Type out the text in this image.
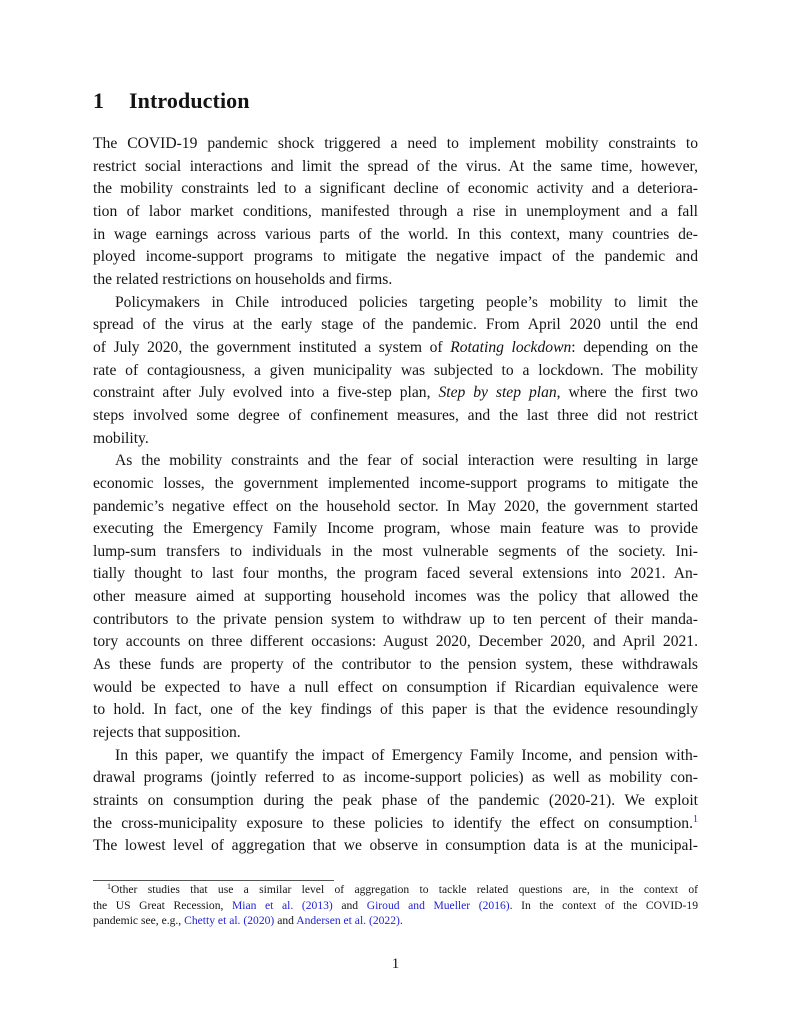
1 Introduction

The COVID-19 pandemic shock triggered a need to implement mobility constraints to
restrict social interactions and limit the spread of the virus. At the same time, however,
the mobility constraints led to a significant decline of economic activity and a deteriora-
tion of labor market conditions, manifested through a rise in unemployment and a fall
in wage earnings across various parts of the world. In this context, many countries de-
ployed income-support programs to mitigate the negative impact of the pandemic and
the related restrictions on households and firms.

Policymakers in Chile introduced policies targeting people’s mobility to limit the
spread of the virus at the early stage of the pandemic. From April 2020 until the end
of July 2020, the government instituted a system of Rotating lockdown: depending on the
rate of contagiousness, a given municipality was subjected to a lockdown. The mobility
constraint after July evolved into a five-step plan, Step by step plan, where the first two
steps involved some degree of confinement measures, and the last three did not restrict
mobility.

As the mobility constraints and the fear of social interaction were resulting in large
economic losses, the government implemented income-support programs to mitigate the
pandemic’s negative effect on the household sector. In May 2020, the government started
executing the Emergency Family Income program, whose main feature was to provide
lump-sum transfers to individuals in the most vulnerable segments of the society. Ini-
tially thought to last four months, the program faced several extensions into 2021. An-
other measure aimed at supporting household incomes was the policy that allowed the
contributors to the private pension system to withdraw up to ten percent of their manda-
tory accounts on three different occasions: August 2020, December 2020, and April 2021.
As these funds are property of the contributor to the pension system, these withdrawals
would be expected to have a null effect on consumption if Ricardian equivalence were
to hold. In fact, one of the key findings of this paper is that the evidence resoundingly
rejects that supposition.

In this paper, we quantify the impact of Emergency Family Income, and pension with-
drawal programs (jointly referred to as income-support policies) as well as mobility con-
straints on consumption during the peak phase of the pandemic (2020-21). We exploit
the cross-municipality exposure to these policies to identify the effect on consumption.$^1$
The lowest level of aggregation that we observe in consumption data is at the municipal-

$^1$Other studies that use a similar level of aggregation to tackle related questions are, in the context of
the US Great Recession, Mian et al. (2013) and Giroud and Mueller (2016). In the context of the COVID-19
pandemic see, e.g., Chetty et al. (2020) and Andersen et al. (2022).
1
